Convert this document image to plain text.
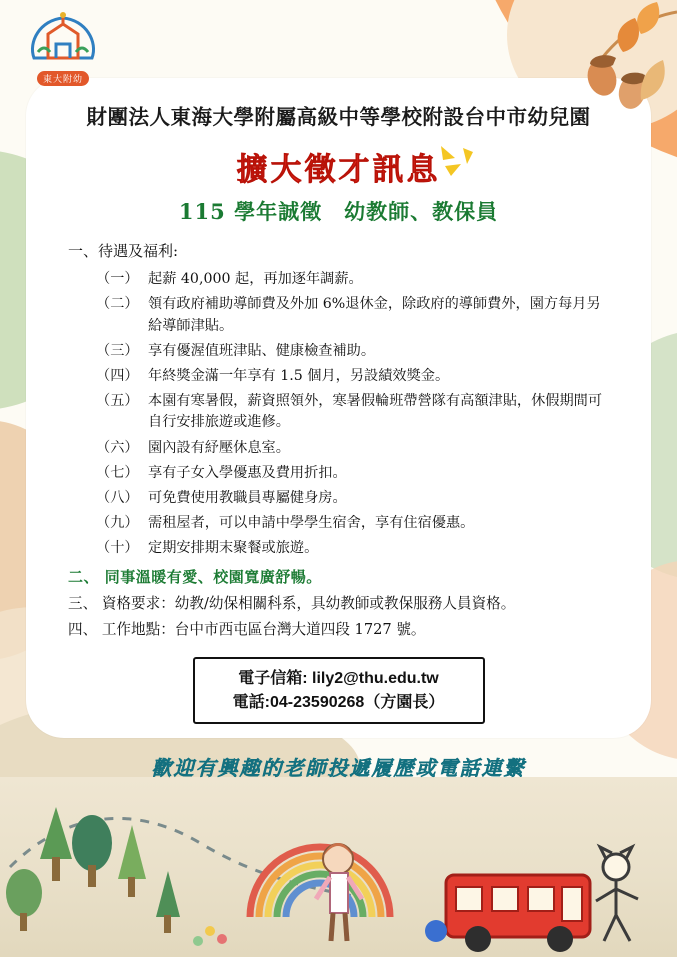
東大附幼
財團法人東海大學附屬高級中等學校附設台中市幼兒園
擴大徵才訊息
115 學年誠徵　幼教師、教保員
一、待遇及福利:
（一） 起薪 40,000 起，再加逐年調薪。
（二） 領有政府補助導師費及外加 6%退休金，除政府的導師費外，園方每月另給導師津貼。
（三） 享有優渥值班津貼、健康檢查補助。
（四） 年終獎金滿一年享有 1.5 個月，另設績效獎金。
（五） 本園有寒暑假，薪資照領外，寒暑假輪班帶營隊有高額津貼，休假期間可自行安排旅遊或進修。
（六） 園內設有紓壓休息室。
（七） 享有子女入學優惠及費用折扣。
（八） 可免費使用教職員專屬健身房。
（九） 需租屋者，可以申請中學學生宿舍，享有住宿優惠。
（十） 定期安排期末聚餐或旅遊。
二、 同事溫暖有愛、校園寬廣舒暢。
三、 資格要求：幼教/幼保相關科系，具幼教師或教保服務人員資格。
四、 工作地點：台中市西屯區台灣大道四段 1727 號。
電子信箱: lily2@thu.edu.tw
電話:04-23590268（方園長）
歡迎有興趣的老師投遞履歷或電話連繫
